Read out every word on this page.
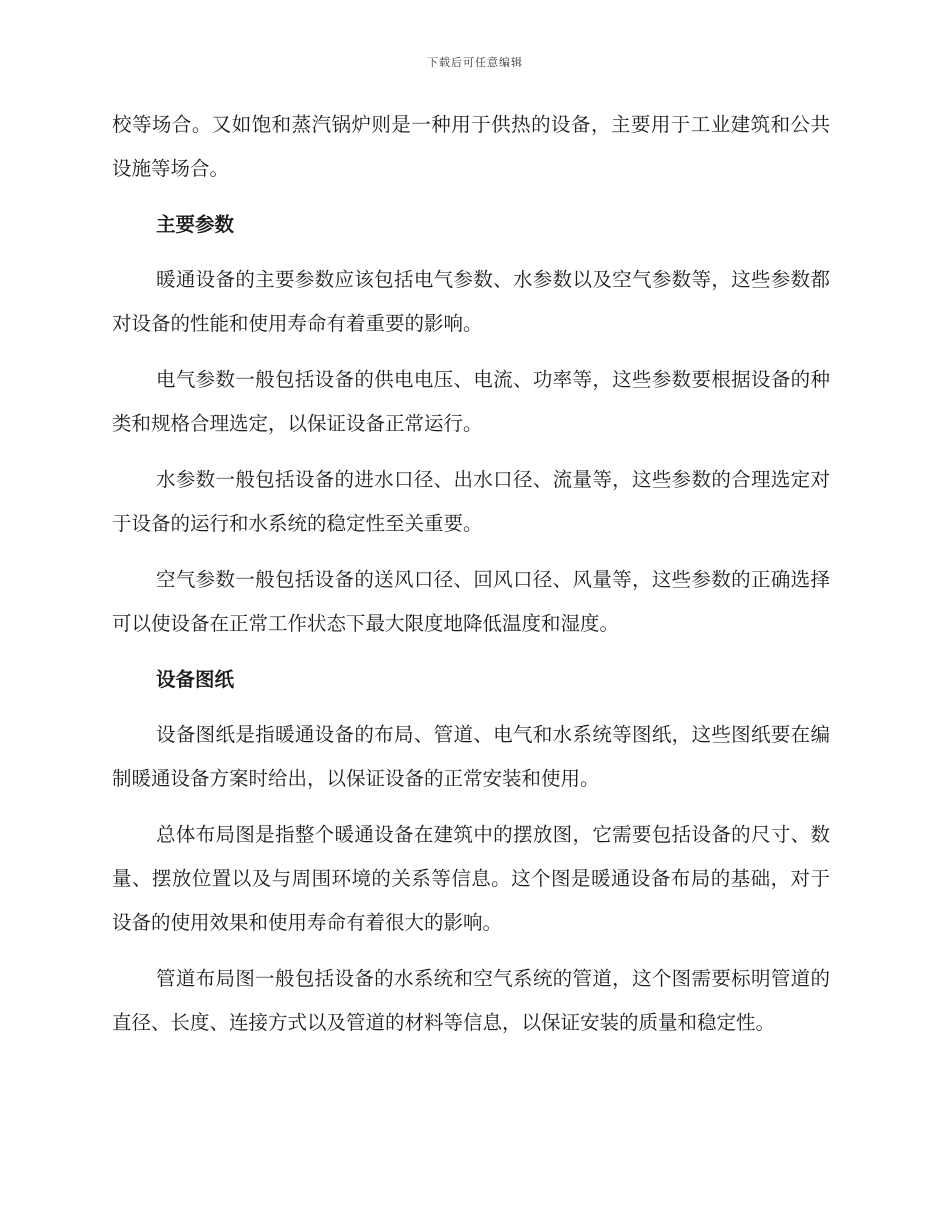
下载后可任意编辑

校等场合。又如饱和蒸汽锅炉则是一种用于供热的设备，主要用于工业建筑和公共设施等场合。

主要参数

暖通设备的主要参数应该包括电气参数、水参数以及空气参数等，这些参数都对设备的性能和使用寿命有着重要的影响。

电气参数一般包括设备的供电电压、电流、功率等，这些参数要根据设备的种类和规格合理选定，以保证设备正常运行。

水参数一般包括设备的进水口径、出水口径、流量等，这些参数的合理选定对于设备的运行和水系统的稳定性至关重要。

空气参数一般包括设备的送风口径、回风口径、风量等，这些参数的正确选择可以使设备在正常工作状态下最大限度地降低温度和湿度。

设备图纸

设备图纸是指暖通设备的布局、管道、电气和水系统等图纸，这些图纸要在编制暖通设备方案时给出，以保证设备的正常安装和使用。

总体布局图是指整个暖通设备在建筑中的摆放图，它需要包括设备的尺寸、数量、摆放位置以及与周围环境的关系等信息。这个图是暖通设备布局的基础，对于设备的使用效果和使用寿命有着很大的影响。

管道布局图一般包括设备的水系统和空气系统的管道，这个图需要标明管道的直径、长度、连接方式以及管道的材料等信息，以保证安装的质量和稳定性。
